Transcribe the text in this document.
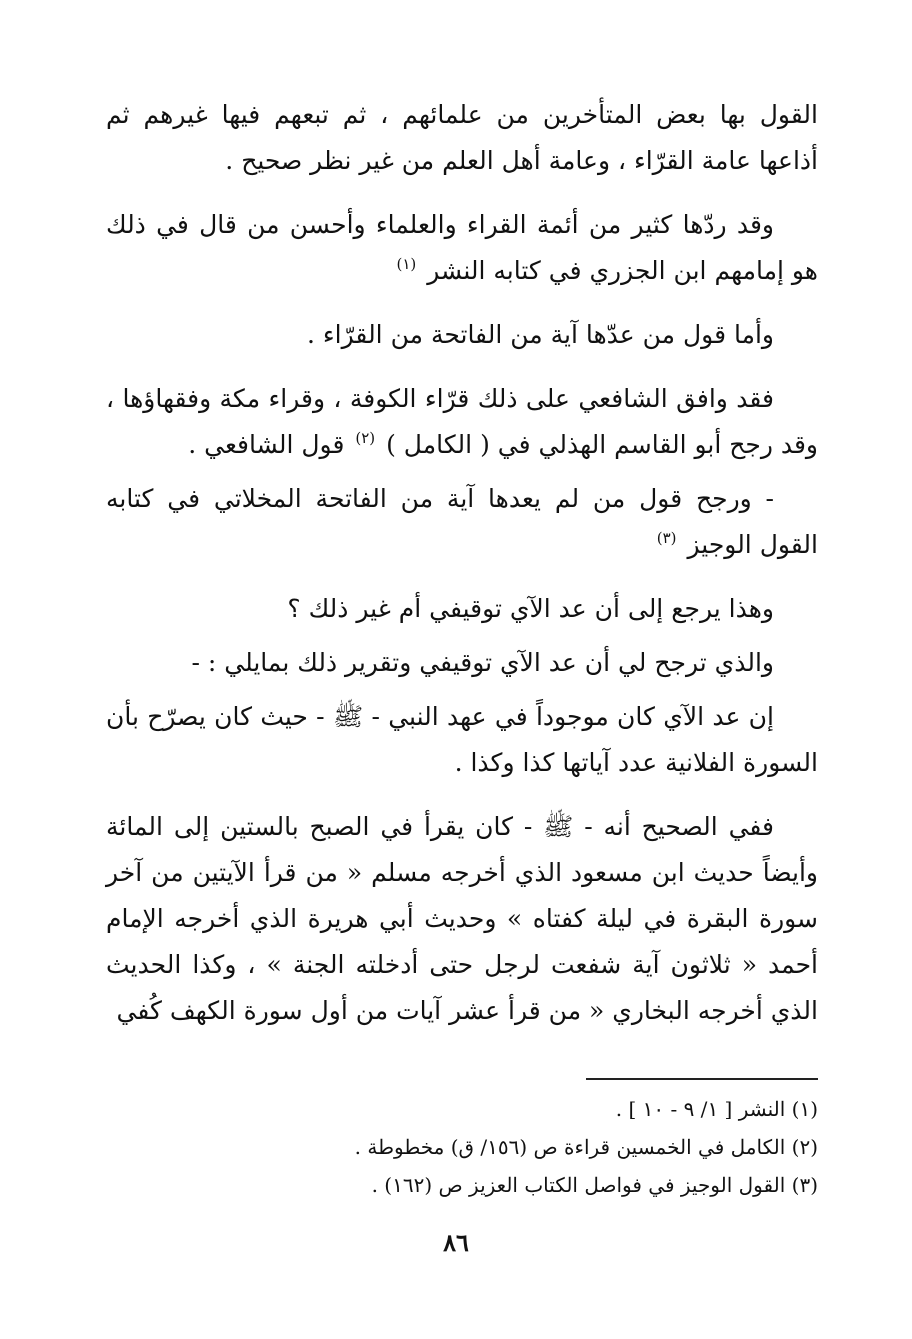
القول بها بعض المتأخرين من علمائهم ، ثم تبعهم فيها غيرهم ثم أذاعها عامة القرّاء ، وعامة أهل العلم من غير نظر صحيح .

وقد ردّها كثير من أئمة القراء والعلماء وأحسن من قال في ذلك هو إمامهم ابن الجزري في كتابه النشر $^{(١)}$

وأما قول من عدّها آية من الفاتحة من القرّاء .

فقد وافق الشافعي على ذلك قرّاء الكوفة ، وقراء مكة وفقهاؤها ، وقد رجح أبو القاسم الهذلي في ( الكامل ) $^{(٢)}$ قول الشافعي .

- ورجح قول من لم يعدها آية من الفاتحة المخلاتي في كتابه القول الوجيز $^{(٣)}$

وهذا يرجع إلى أن عد الآي توقيفي أم غير ذلك ؟

والذي ترجح لي أن عد الآي توقيفي وتقرير ذلك بمايلي : -

إن عد الآي كان موجوداً في عهد النبي - ﷺ - حيث كان يصرّح بأن السورة الفلانية عدد آياتها كذا وكذا .

ففي الصحيح أنه - ﷺ - كان يقرأ في الصبح بالستين إلى المائة وأيضاً حديث ابن مسعود الذي أخرجه مسلم « من قرأ الآيتين من آخر سورة البقرة في ليلة كفتاه » وحديث أبي هريرة الذي أخرجه الإمام أحمد « ثلاثون آية شفعت لرجل حتى أدخلته الجنة » ، وكذا الحديث الذي أخرجه البخاري « من قرأ عشر آيات من أول سورة الكهف كُفي

(١) النشر [ ١/ ٩ - ١٠ ] .

(٢) الكامل في الخمسين قراءة ص (١٥٦/ ق) مخطوطة .

(٣) القول الوجيز في فواصل الكتاب العزيز ص (١٦٢) .

٨٦
